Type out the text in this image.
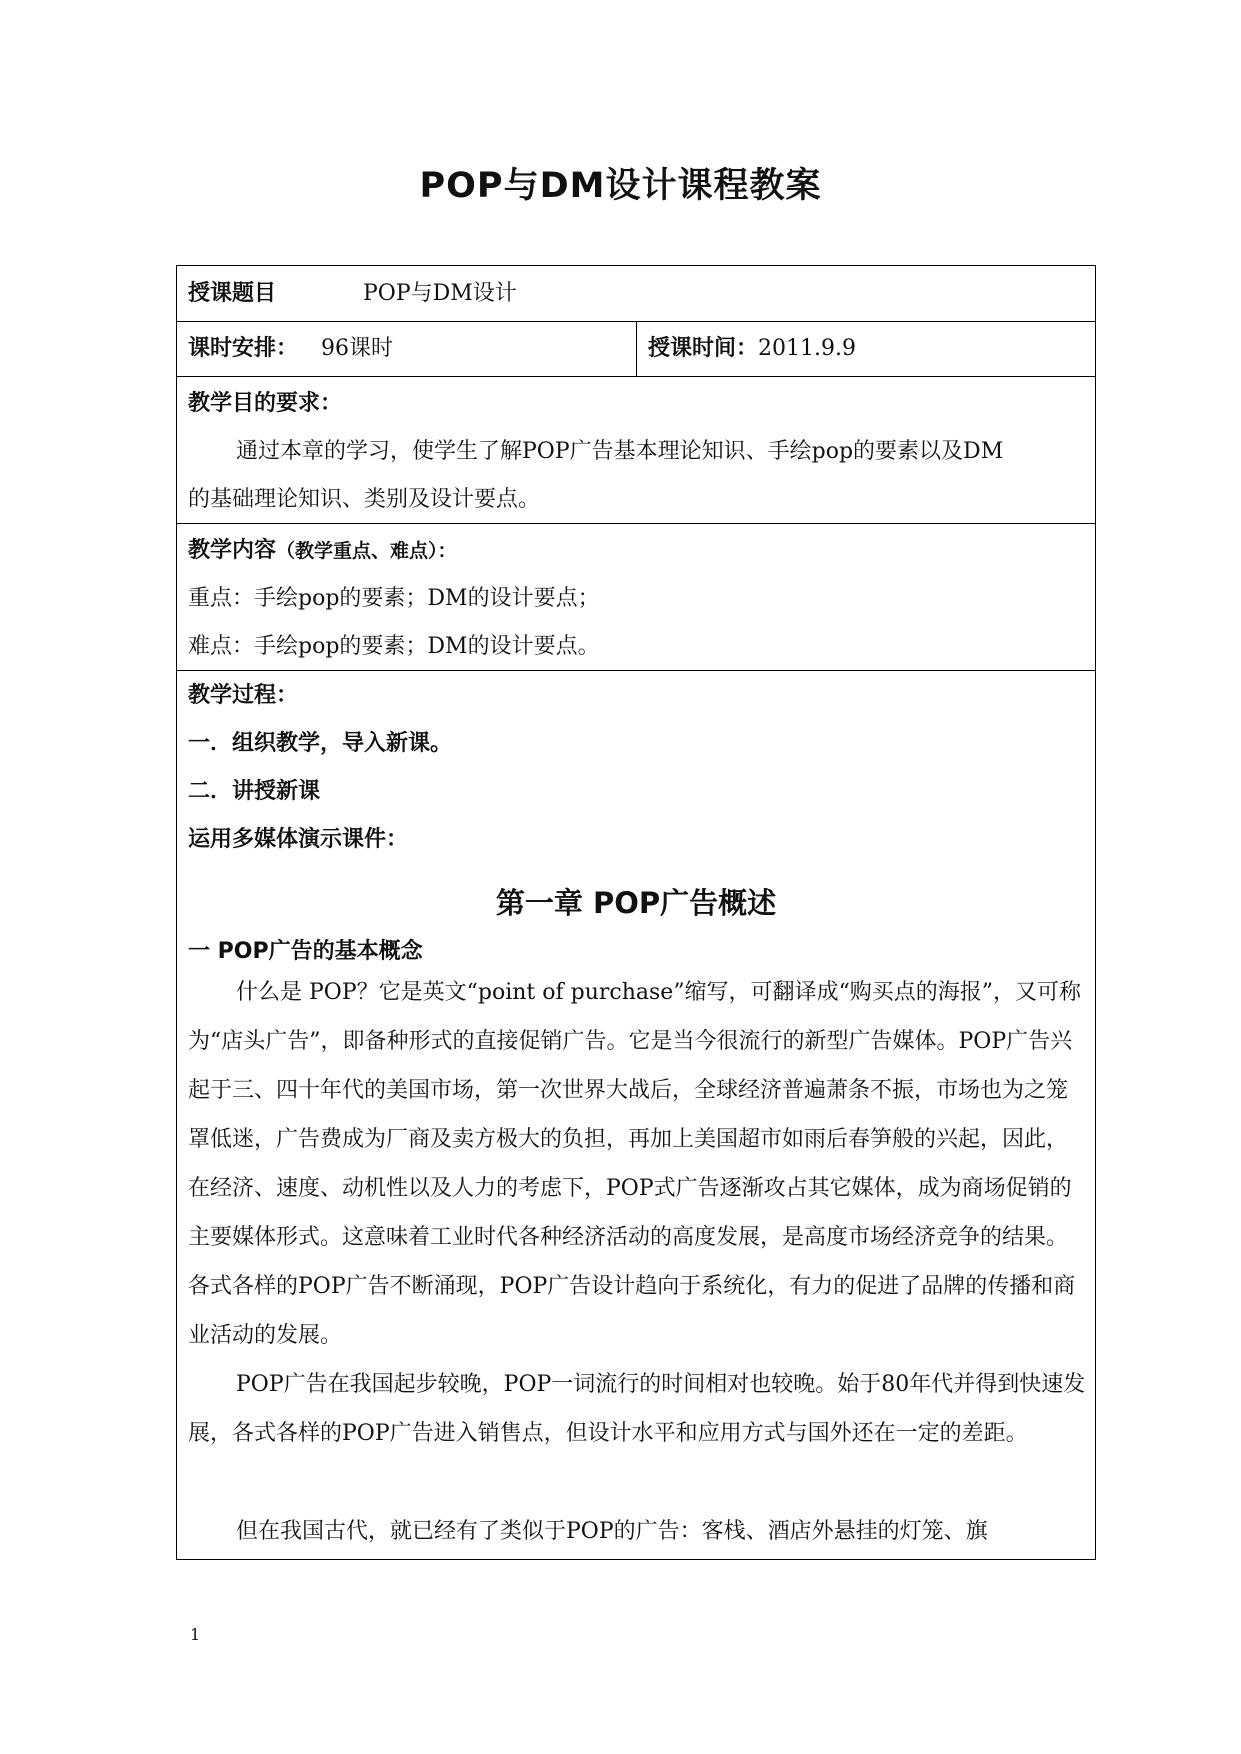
POP与DM设计课程教案
授课题目	POP与DM设计
课时安排： 96课时	授课时间：2011.9.9
教学目的要求：
通过本章的学习，使学生了解POP广告基本理论知识、手绘pop的要素以及DM
的基础理论知识、类别及设计要点。
教学内容（教学重点、难点）：
重点：手绘pop的要素；DM的设计要点；
难点：手绘pop的要素；DM的设计要点。
教学过程：
一．组织教学，导入新课。
二．讲授新课
运用多媒体演示课件：
第一章 POP广告概述
一 POP广告的基本概念

什么是 POP？它是英文“point of purchase”缩写，可翻译成“购买点的海报”，又可称为“店头广告”，即备种形式的直接促销广告。它是当今很流行的新型广告媒体。POP广告兴起于三、四十年代的美国市场，第一次世界大战后，全球经济普遍萧条不振，市场也为之笼罩低迷，广告费成为厂商及卖方极大的负担，再加上美国超市如雨后春笋般的兴起，因此，在经济、速度、动机性以及人力的考虑下，POP式广告逐渐攻占其它媒体，成为商场促销的主要媒体形式。这意味着工业时代各种经济活动的高度发展，是高度市场经济竞争的结果。各式各样的POP广告不断涌现，POP广告设计趋向于系统化，有力的促进了品牌的传播和商业活动的发展。

POP广告在我国起步较晚，POP一词流行的时间相对也较晚。始于80年代并得到快速发展，各式各样的POP广告进入销售点，但设计水平和应用方式与国外还在一定的差距。

但在我国古代，就已经有了类似于POP的广告：客栈、酒店外悬挂的灯笼、旗

1
